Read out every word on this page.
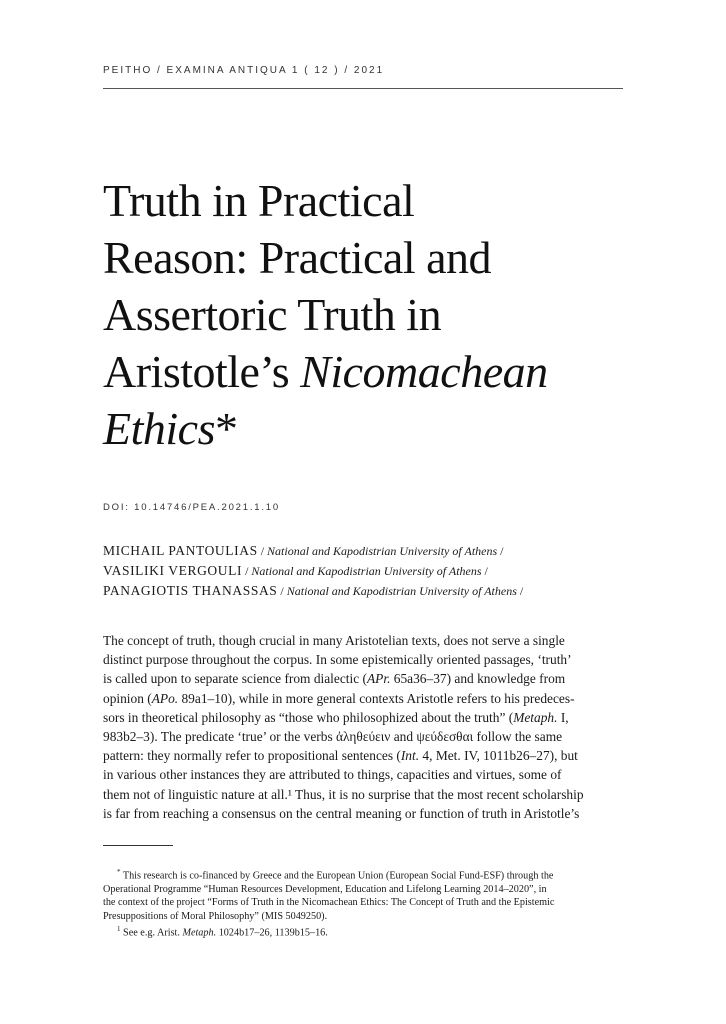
PEITHO / EXAMINA ANTIQUA 1 ( 12 ) / 2021
Truth in Practical
Reason: Practical and
Assertoric Truth in
Aristotle’s Nicomachean
Ethics*
DOI: 10.14746/PEA.2021.1.10
MICHAIL PANTOULIAS / National and Kapodistrian University of Athens /
VASILIKI VERGOULI / National and Kapodistrian University of Athens /
PANAGIOTIS THANASSAS / National and Kapodistrian University of Athens /
The concept of truth, though crucial in many Aristotelian texts, does not serve a single
distinct purpose throughout the corpus. In some epistemically oriented passages, ‘truth’
is called upon to separate science from dialectic (APr. 65a36–37) and knowledge from
opinion (APo. 89a1–10), while in more general contexts Aristotle refers to his predeces-
sors in theoretical philosophy as “those who philosophized about the truth” (Metaph. I,
983b2–3). The predicate ‘true’ or the verbs ἀληθεύειν and ψεύδεσθαι follow the same
pattern: they normally refer to propositional sentences (Int. 4, Met. IV, 1011b26–27), but
in various other instances they are attributed to things, capacities and virtues, some of
them not of linguistic nature at all.¹ Thus, it is no surprise that the most recent scholarship
is far from reaching a consensus on the central meaning or function of truth in Aristotle’s
* This research is co-financed by Greece and the European Union (European Social Fund-ESF) through the
Operational Programme “Human Resources Development, Education and Lifelong Learning 2014–2020”, in
the context of the project “Forms of Truth in the Nicomachean Ethics: The Concept of Truth and the Epistemic
Presuppositions of Moral Philosophy” (MIS 5049250).
$^1$ See e.g. Arist. Metaph. 1024b17–26, 1139b15–16.
